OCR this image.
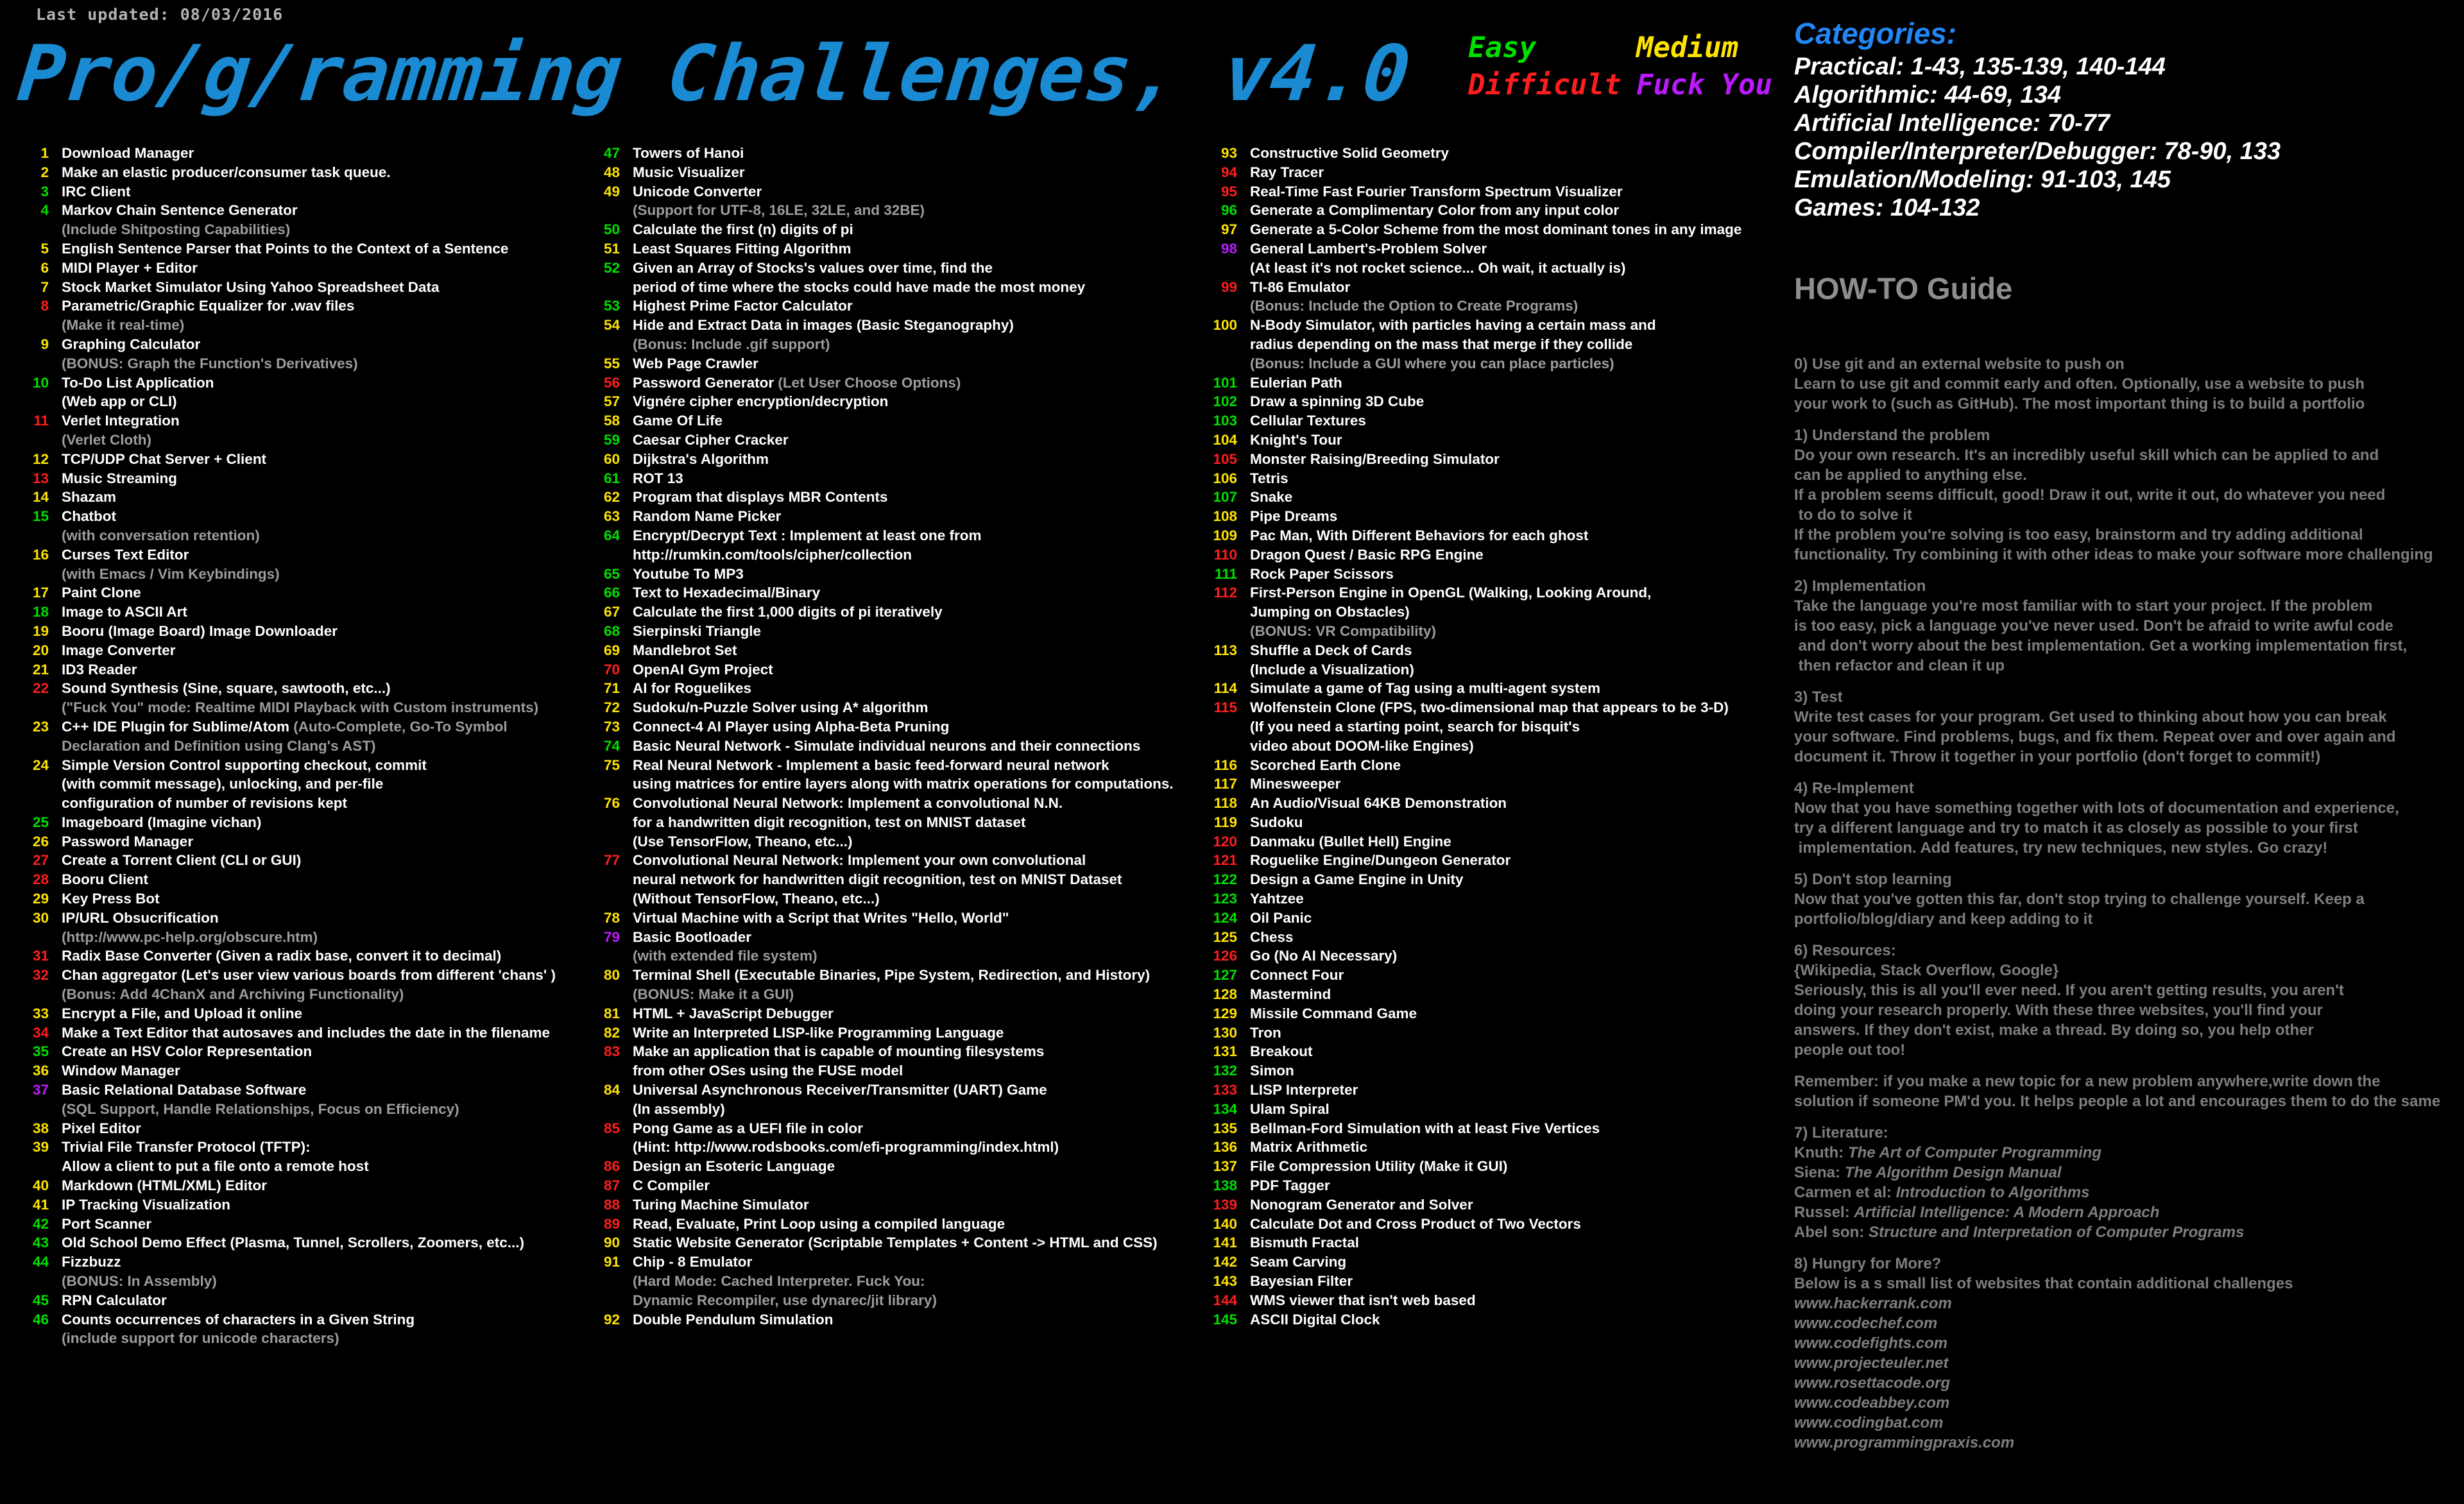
Last updated: 08/03/2016
Pro/g/ramming Challenges, v4.0 Easy	Medium
Difficult Fuck You
Categories:
Practical: 1-43, 135-139, 140-144
Algorithmic: 44-69, 134
Artificial Intelligence: 70-77
Compiler/Interpreter/Debugger: 78-90, 133
Emulation/Modeling: 91-103, 145
Games: 104-132
1 Download Manager
2 Make an elastic producer/consumer task queue.
3 IRC Client
4 Markov Chain Sentence Generator
(Include Shitposting Capabilities)
5 English Sentence Parser that Points to the Context of a Sentence
6 MIDI Player + Editor
7 Stock Market Simulator Using Yahoo Spreadsheet Data
8 Parametric/Graphic Equalizer for .wav files
(Make it real-time)
9 Graphing Calculator
(BONUS: Graph the Function's Derivatives)
10 To-Do List Application
(Web app or CLI)
11 Verlet Integration
(Verlet Cloth)
12 TCP/UDP Chat Server + Client
13 Music Streaming
14 Shazam
15 Chatbot
(with conversation retention)
16 Curses Text Editor
(with Emacs / Vim Keybindings)
17 Paint Clone
18 Image to ASCII Art
19 Booru (Image Board) Image Downloader
20 Image Converter
21 ID3 Reader
22 Sound Synthesis (Sine, square, sawtooth, etc...)
("Fuck You" mode: Realtime MIDI Playback with Custom instruments)
23 C++ IDE Plugin for Sublime/Atom (Auto-Complete, Go-To Symbol
Declaration and Definition using Clang's AST)
24 Simple Version Control supporting checkout, commit
(with commit message), unlocking, and per-file
configuration of number of revisions kept
25 Imageboard (Imagine vichan)
26 Password Manager
27 Create a Torrent Client (CLI or GUI)
28 Booru Client
29 Key Press Bot
30 IP/URL Obsucrification
(http://www.pc-help.org/obscure.htm)
31 Radix Base Converter (Given a radix base, convert it to decimal)
32 Chan aggregator (Let's user view various boards from different 'chans' )
(Bonus: Add 4ChanX and Archiving Functionality)
33 Encrypt a File, and Upload it online
34 Make a Text Editor that autosaves and includes the date in the filename
35 Create an HSV Color Representation
36 Window Manager
37 Basic Relational Database Software
(SQL Support, Handle Relationships, Focus on Efficiency)
38 Pixel Editor
39 Trivial File Transfer Protocol (TFTP):
Allow a client to put a file onto a remote host
40 Markdown (HTML/XML) Editor
41 IP Tracking Visualization
42 Port Scanner
43 Old School Demo Effect (Plasma, Tunnel, Scrollers, Zoomers, etc...)
44 Fizzbuzz
(BONUS: In Assembly)
45 RPN Calculator
46 Counts occurrences of characters in a Given String
(include support for unicode characters)
47 Towers of Hanoi
48 Music Visualizer
49 Unicode Converter
(Support for UTF-8, 16LE, 32LE, and 32BE)
50 Calculate the first (n) digits of pi
51 Least Squares Fitting Algorithm
52 Given an Array of Stocks's values over time, find the
period of time where the stocks could have made the most money
53 Highest Prime Factor Calculator
54 Hide and Extract Data in images (Basic Steganography)
(Bonus: Include .gif support)
55 Web Page Crawler
56 Password Generator (Let User Choose Options)
57 Vignére cipher encryption/decryption
58 Game Of Life
59 Caesar Cipher Cracker
60 Dijkstra's Algorithm
61 ROT 13
62 Program that displays MBR Contents
63 Random Name Picker
64 Encrypt/Decrypt Text : Implement at least one from
http://rumkin.com/tools/cipher/collection
65 Youtube To MP3
66 Text to Hexadecimal/Binary
67 Calculate the first 1,000 digits of pi iteratively
68 Sierpinski Triangle
69 Mandlebrot Set
70 OpenAI Gym Project
71 AI for Roguelikes
72 Sudoku/n-Puzzle Solver using A* algorithm
73 Connect-4 AI Player using Alpha-Beta Pruning
74 Basic Neural Network - Simulate individual neurons and their connections
75 Real Neural Network - Implement a basic feed-forward neural network
using matrices for entire layers along with matrix operations for computations.
76 Convolutional Neural Network: Implement a convolutional N.N.
for a handwritten digit recognition, test on MNIST dataset
(Use TensorFlow, Theano, etc...)
77 Convolutional Neural Network: Implement your own convolutional
neural network for handwritten digit recognition, test on MNIST Dataset
(Without TensorFlow, Theano, etc...)
78 Virtual Machine with a Script that Writes "Hello, World"
79 Basic Bootloader
(with extended file system)
80 Terminal Shell (Executable Binaries, Pipe System, Redirection, and History)
(BONUS: Make it a GUI)
81 HTML + JavaScript Debugger
82 Write an Interpreted LISP-like Programming Language
83 Make an application that is capable of mounting filesystems
from other OSes using the FUSE model
84 Universal Asynchronous Receiver/Transmitter (UART) Game
(In assembly)
85 Pong Game as a UEFI file in color
(Hint: http://www.rodsbooks.com/efi-programming/index.html)
86 Design an Esoteric Language
87 C Compiler
88 Turing Machine Simulator
89 Read, Evaluate, Print Loop using a compiled language
90 Static Website Generator (Scriptable Templates + Content -> HTML and CSS)
91 Chip - 8 Emulator
(Hard Mode: Cached Interpreter. Fuck You:
Dynamic Recompiler, use dynarec/jit library)
92 Double Pendulum Simulation
93 Constructive Solid Geometry
94 Ray Tracer
95 Real-Time Fast Fourier Transform Spectrum Visualizer
96 Generate a Complimentary Color from any input color
97 Generate a 5-Color Scheme from the most dominant tones in any image
98 General Lambert's-Problem Solver
(At least it's not rocket science... Oh wait, it actually is)
99 TI-86 Emulator
(Bonus: Include the Option to Create Programs)
100 N-Body Simulator, with particles having a certain mass and
radius depending on the mass that merge if they collide
(Bonus: Include a GUI where you can place particles)
101 Eulerian Path
102 Draw a spinning 3D Cube
103 Cellular Textures
104 Knight's Tour
105 Monster Raising/Breeding Simulator
106 Tetris
107 Snake
108 Pipe Dreams
109 Pac Man, With Different Behaviors for each ghost
110 Dragon Quest / Basic RPG Engine
111 Rock Paper Scissors
112 First-Person Engine in OpenGL (Walking, Looking Around,
Jumping on Obstacles)
(BONUS: VR Compatibility)
113 Shuffle a Deck of Cards
(Include a Visualization)
114 Simulate a game of Tag using a multi-agent system
115 Wolfenstein Clone (FPS, two-dimensional map that appears to be 3-D)
(If you need a starting point, search for bisquit's
video about DOOM-like Engines)
116 Scorched Earth Clone
117 Minesweeper
118 An Audio/Visual 64KB Demonstration
119 Sudoku
120 Danmaku (Bullet Hell) Engine
121 Roguelike Engine/Dungeon Generator
122 Design a Game Engine in Unity
123 Yahtzee
124 Oil Panic
125 Chess
126 Go (No AI Necessary)
127 Connect Four
128 Mastermind
129 Missile Command Game
130 Tron
131 Breakout
132 Simon
133 LISP Interpreter
134 Ulam Spiral
135 Bellman-Ford Simulation with at least Five Vertices
136 Matrix Arithmetic
137 File Compression Utility (Make it GUI)
138 PDF Tagger
139 Nonogram Generator and Solver
140 Calculate Dot and Cross Product of Two Vectors
141 Bismuth Fractal
142 Seam Carving
143 Bayesian Filter
144 WMS viewer that isn't web based
145 ASCII Digital Clock

HOW-TO Guide

0) Use git and an external website to push on
Learn to use git and commit early and often. Optionally, use a website to push
your work to (such as GitHub). The most important thing is to build a portfolio
1) Understand the problem
Do your own research. It's an incredibly useful skill which can be applied to and
can be applied to anything else.
If a problem seems difficult, good! Draw it out, write it out, do whatever you need
to do to solve it
If the problem you're solving is too easy, brainstorm and try adding additional
functionality. Try combining it with other ideas to make your software more challenging
2) Implementation
Take the language you're most familiar with to start your project. If the problem
is too easy, pick a language you've never used. Don't be afraid to write awful code
and don't worry about the best implementation. Get a working implementation first,
then refactor and clean it up
3) Test
Write test cases for your program. Get used to thinking about how you can break
your software. Find problems, bugs, and fix them. Repeat over and over again and
document it. Throw it together in your portfolio (don't forget to commit!)
4) Re-Implement
Now that you have something together with lots of documentation and experience,
try a different language and try to match it as closely as possible to your first
implementation. Add features, try new techniques, new styles. Go crazy!
5) Don't stop learning
Now that you've gotten this far, don't stop trying to challenge yourself. Keep a
portfolio/blog/diary and keep adding to it
6) Resources:
{Wikipedia, Stack Overflow, Google}
Seriously, this is all you'll ever need. If you aren't getting results, you aren't
doing your research properly. With these three websites, you'll find your
answers. If they don't exist, make a thread. By doing so, you help other
people out too!
Remember: if you make a new topic for a new problem anywhere,write down the
solution if someone PM'd you. It helps people a lot and encourages them to do the same
7) Literature:
Knuth: The Art of Computer Programming
Siena: The Algorithm Design Manual
Carmen et al: Introduction to Algorithms
Russel: Artificial Intelligence: A Modern Approach
Abel son: Structure and Interpretation of Computer Programs
8) Hungry for More?
Below is a s small list of websites that contain additional challenges
www.hackerrank.com
www.codechef.com
www.codefights.com
www.projecteuler.net
www.rosettacode.org
www.codeabbey.com
www.codingbat.com
www.programmingpraxis.com
